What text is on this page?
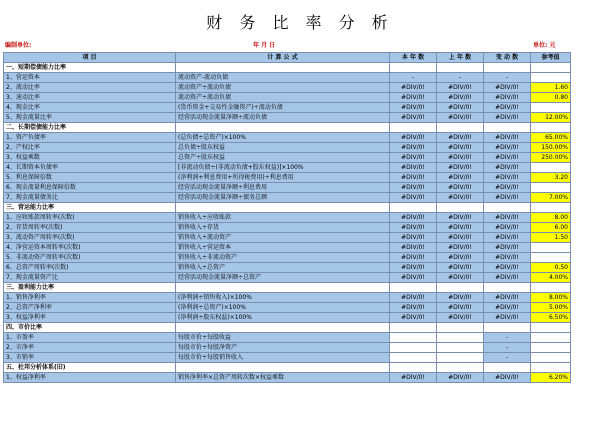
财 务 比 率 分 析
编制单位:	年 月 日	单位: 元
项 目	计 算 公 式	本 年 数	上 年 数	变 动 数	参考值
一、短期偿债能力比率					
1、营运资本	流动资产-流动负债	-	-	-	
2、流动比率	流动资产÷流动负债	#DIV/0!	#DIV/0!	#DIV/0!	1.60
3、速动比率	流动资产÷流动负债	#DIV/0!	#DIV/0!	#DIV/0!	0.80
4、现金比率	(货币资金+交易性金融资产)÷流动负债	#DIV/0!	#DIV/0!	#DIV/0!	
5、现金流量比率	经营活动现金流量净额÷流动负债	#DIV/0!	#DIV/0!	#DIV/0!	12.00%
二、长期偿债能力比率					
1、资产负债率	(总负债÷总资产)×100%	#DIV/0!	#DIV/0!	#DIV/0!	65.00%
2、产权比率	总负债÷股东权益	#DIV/0!	#DIV/0!	#DIV/0!	150.00%
3、权益乘数	总资产÷股东权益	#DIV/0!	#DIV/0!	#DIV/0!	250.00%
4、长期资本负债率	[非流动负债÷(非流动负债+股东权益)]×100%	#DIV/0!	#DIV/0!	#DIV/0!	
5、利息保障倍数	(净利润+利息费用+所得税费用)÷利息费用	#DIV/0!	#DIV/0!	#DIV/0!	3.20
6、现金流量利息保障倍数	经营活动现金流量净额÷利息费用	#DIV/0!	#DIV/0!	#DIV/0!	
7、现金流量债务比	经营活动现金流量净额÷债务总额	#DIV/0!	#DIV/0!	#DIV/0!	7.00%
三、营运能力比率					
1、应收账款周转率(次数)	销售收入÷应收账款	#DIV/0!	#DIV/0!	#DIV/0!	8.00
2、存货周转率(次数)	销售收入÷存货	#DIV/0!	#DIV/0!	#DIV/0!	6.00
3、流动资产周转率(次数)	销售收入÷流动资产	#DIV/0!	#DIV/0!	#DIV/0!	1.50
4、净营运资本周转率(次数)	销售收入÷营运资本	#DIV/0!	#DIV/0!	#DIV/0!	
5、非流动资产周转率(次数)	销售收入÷非流动资产	#DIV/0!	#DIV/0!	#DIV/0!	
6、总资产周转率(次数)	销售收入÷总资产	#DIV/0!	#DIV/0!	#DIV/0!	0.50
7、现金流量资产比	经营活动现金流量净额÷总资产	#DIV/0!	#DIV/0!	#DIV/0!	4.00%
三、盈利能力比率					
1、销售净利率	(净利润÷销售收入)×100%	#DIV/0!	#DIV/0!	#DIV/0!	8.00%
2、总资产净利率	(净利润÷总资产)×100%	#DIV/0!	#DIV/0!	#DIV/0!	5.00%
3、权益净利率	(净利润÷股东权益)×100%	#DIV/0!	#DIV/0!	#DIV/0!	6.50%
四、市价比率					
1、市盈率	每股市价÷每股收益			-	
2、市净率	每股市价÷每股净资产			-	
3、市销率	每股市价÷每股销售收入			-	
五、杜邦分析体系(旧)					
1、权益净利率	销售净利率×总资产周转次数×权益乘数	#DIV/0!	#DIV/0!	#DIV/0!	6.20%
